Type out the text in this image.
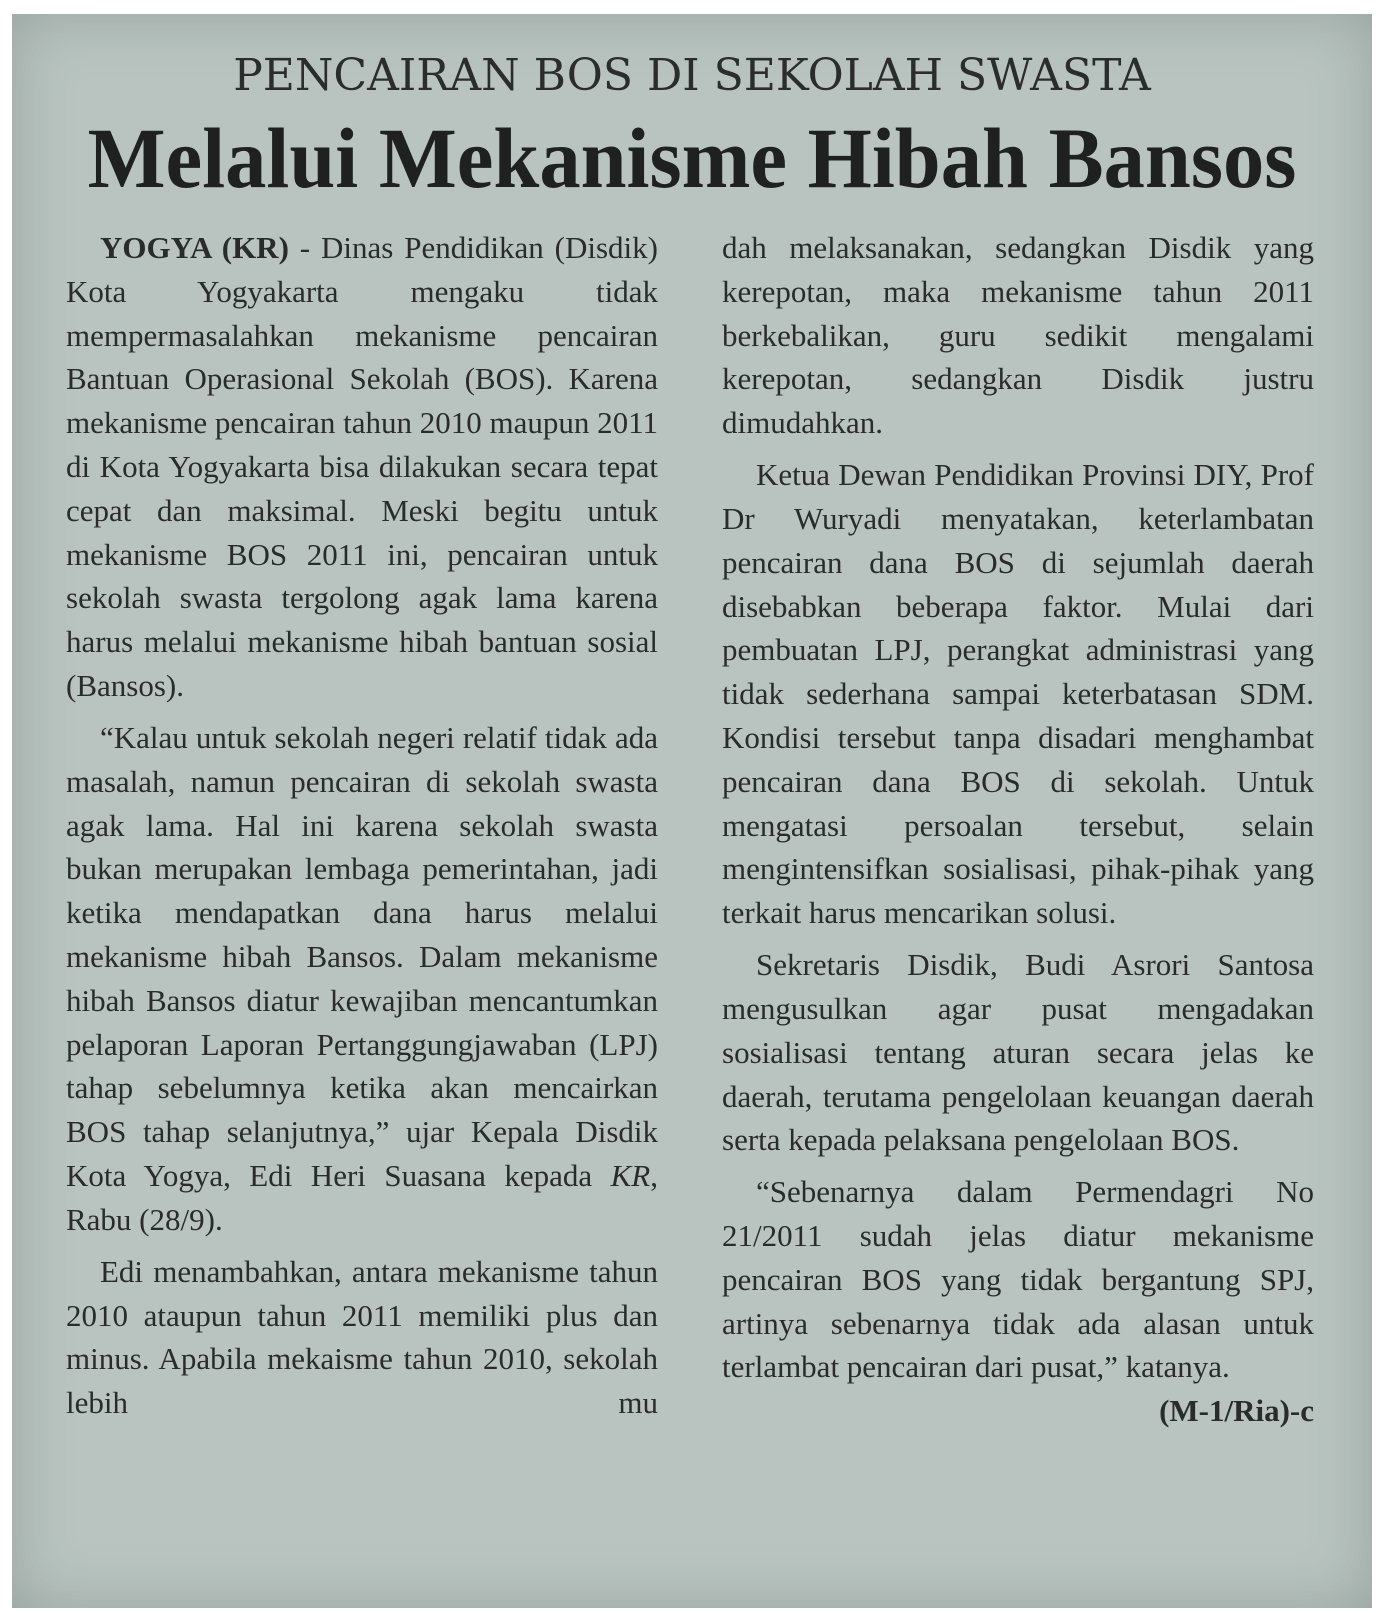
PENCAIRAN BOS DI SEKOLAH SWASTA
Melalui Mekanisme Hibah Bansos

YOGYA (KR) - Dinas Pendidikan (Disdik) Kota Yogyakarta mengaku tidak mempermasalahkan mekanisme pencairan Bantuan Operasional Sekolah (BOS). Karena mekanisme pencairan tahun 2010 maupun 2011 di Kota Yogyakarta bisa dilakukan secara tepat cepat dan maksimal. Meski begitu untuk mekanisme BOS 2011 ini, pencairan untuk sekolah swasta tergolong agak lama karena harus melalui mekanisme hibah bantuan sosial (Bansos).

“Kalau untuk sekolah negeri relatif tidak ada masalah, namun pencairan di sekolah swasta agak lama. Hal ini karena sekolah swasta bukan merupakan lembaga pemerintahan, jadi ketika mendapatkan dana harus melalui mekanisme hibah Bansos. Dalam mekanisme hibah Bansos diatur kewajiban mencantumkan pelaporan Laporan Pertanggungjawaban (LPJ) tahap sebelumnya ketika akan mencairkan BOS tahap selanjutnya,” ujar Kepala Disdik Kota Yogya, Edi Heri Suasana kepada KR, Rabu (28/9).

Edi menambahkan, antara mekanisme tahun 2010 ataupun tahun 2011 memiliki plus dan minus. Apabila mekaisme tahun 2010, sekolah lebih mu

dah melaksanakan, sedangkan Disdik yang kerepotan, maka mekanisme tahun 2011 berkebalikan, guru sedikit mengalami kerepotan, sedangkan Disdik justru dimudahkan.

Ketua Dewan Pendidikan Provinsi DIY, Prof Dr Wuryadi menyatakan, keterlambatan pencairan dana BOS di sejumlah daerah disebabkan beberapa faktor. Mulai dari pembuatan LPJ, perangkat administrasi yang tidak sederhana sampai keterbatasan SDM. Kondisi tersebut tanpa disadari menghambat pencairan dana BOS di sekolah. Untuk mengatasi persoalan tersebut, selain mengintensifkan sosialisasi, pihak-pihak yang terkait harus mencarikan solusi.

Sekretaris Disdik, Budi Asrori Santosa mengusulkan agar pusat mengadakan sosialisasi tentang aturan secara jelas ke daerah, terutama pengelolaan keuangan daerah serta kepada pelaksana pengelolaan BOS.

“Sebenarnya dalam Permendagri No 21/2011 sudah jelas diatur mekanisme pencairan BOS yang tidak bergantung SPJ, artinya sebenarnya tidak ada alasan untuk terlambat pencairan dari pusat,” katanya.
(M-1/Ria)-c
